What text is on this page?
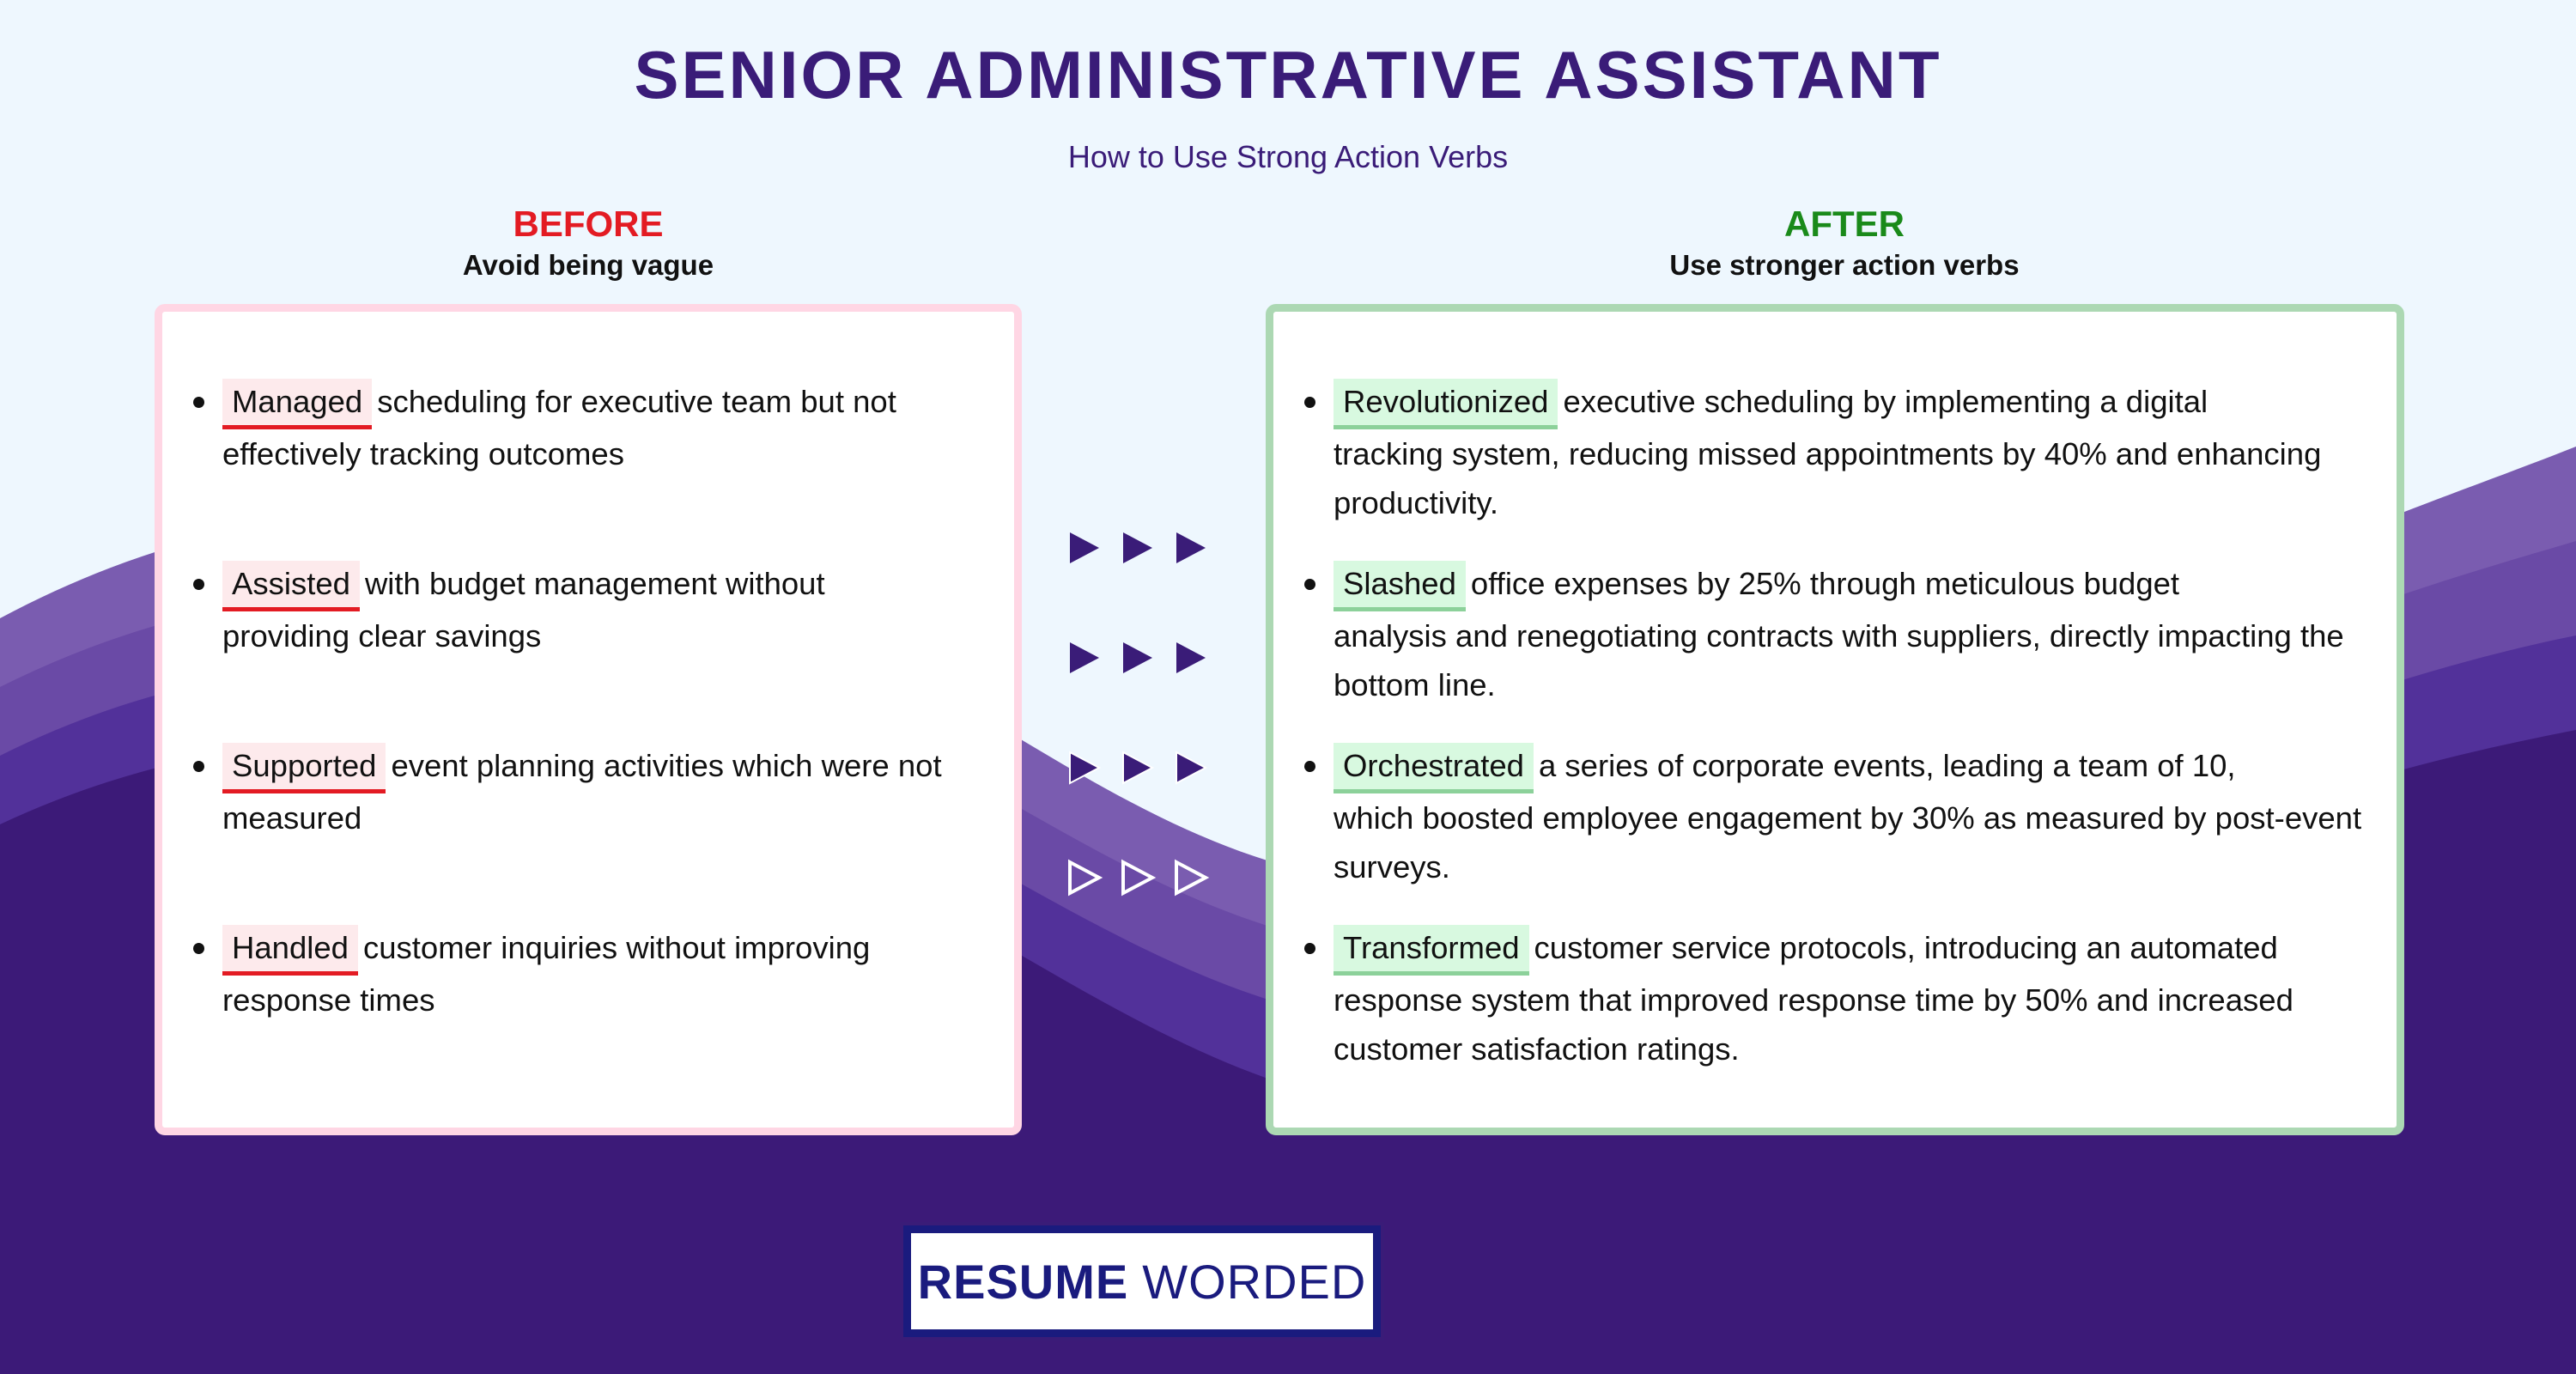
SENIOR ADMINISTRATIVE ASSISTANT
How to Use Strong Action Verbs
BEFORE
Avoid being vague
AFTER
Use stronger action verbs
Managed scheduling for executive team but not
effectively tracking outcomes
Assisted with budget management without
providing clear savings
Supported event planning activities which were not
measured
Handled customer inquiries without improving
response times
Revolutionized executive scheduling by implementing a digital
tracking system, reducing missed appointments by 40% and enhancing productivity.
Slashed office expenses by 25% through meticulous budget
analysis and renegotiating contracts with suppliers, directly impacting the bottom line.
Orchestrated a series of corporate events, leading a team of 10,
which boosted employee engagement by 30% as measured by post-event surveys.
Transformed customer service protocols, introducing an automated
response system that improved response time by 50% and increased customer satisfaction ratings.
RESUME WORDED
